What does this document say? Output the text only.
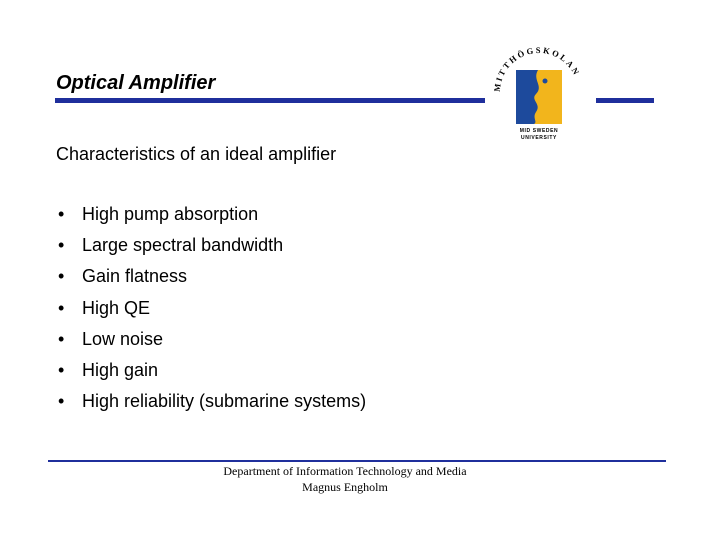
Optical Amplifier	MITTHÖGSKOLAN
MID SWEDEN
UNIVERSITY
Characteristics of an ideal amplifier
• High pump absorption
• Large spectral bandwidth
• Gain flatness
• High QE
• Low noise
• High gain
• High reliability (submarine systems)
Department of Information Technology and Media
Magnus Engholm
